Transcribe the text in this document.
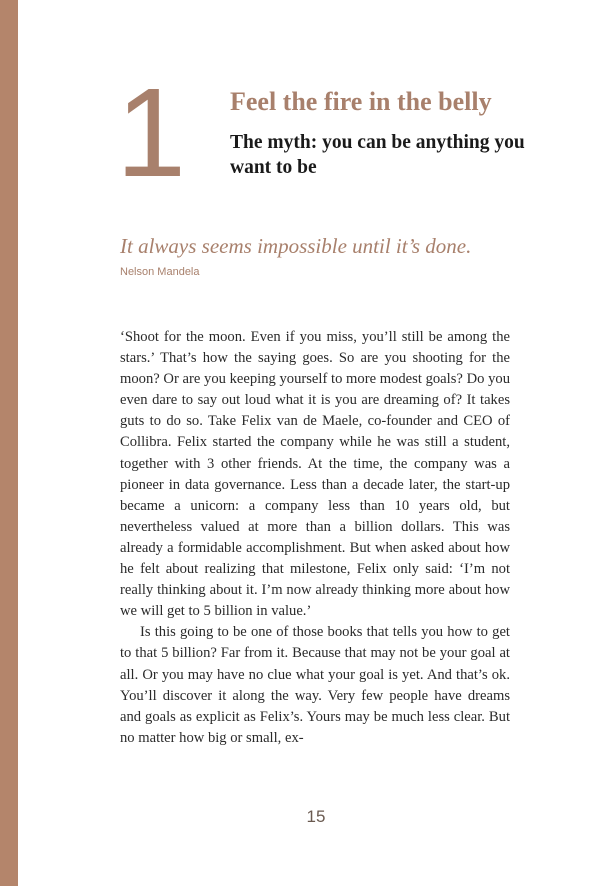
1 Feel the fire in the belly
The myth: you can be anything you want to be
It always seems impossible until it’s done.
Nelson Mandela

‘Shoot for the moon. Even if you miss, you’ll still be among the stars.’ That’s how the saying goes. So are you shooting for the moon? Or are you keeping yourself to more modest goals? Do you even dare to say out loud what it is you are dreaming of? It takes guts to do so. Take Felix van de Maele, co-founder and CEO of Collibra. Felix started the company while he was still a student, together with 3 other friends. At the time, the company was a pioneer in data governance. Less than a decade later, the start-up became a unicorn: a company less than 10 years old, but nevertheless valued at more than a billion dollars. This was already a formidable accomplishment. But when asked about how he felt about realizing that milestone, Felix only said: ‘I’m not really thinking about it. I’m now already thinking more about how we will get to 5 billion in value.’

Is this going to be one of those books that tells you how to get to that 5 billion? Far from it. Because that may not be your goal at all. Or you may have no clue what your goal is yet. And that’s ok. You’ll discover it along the way. Very few people have dreams and goals as explicit as Felix’s. Yours may be much less clear. But no matter how big or small, ex-

15
